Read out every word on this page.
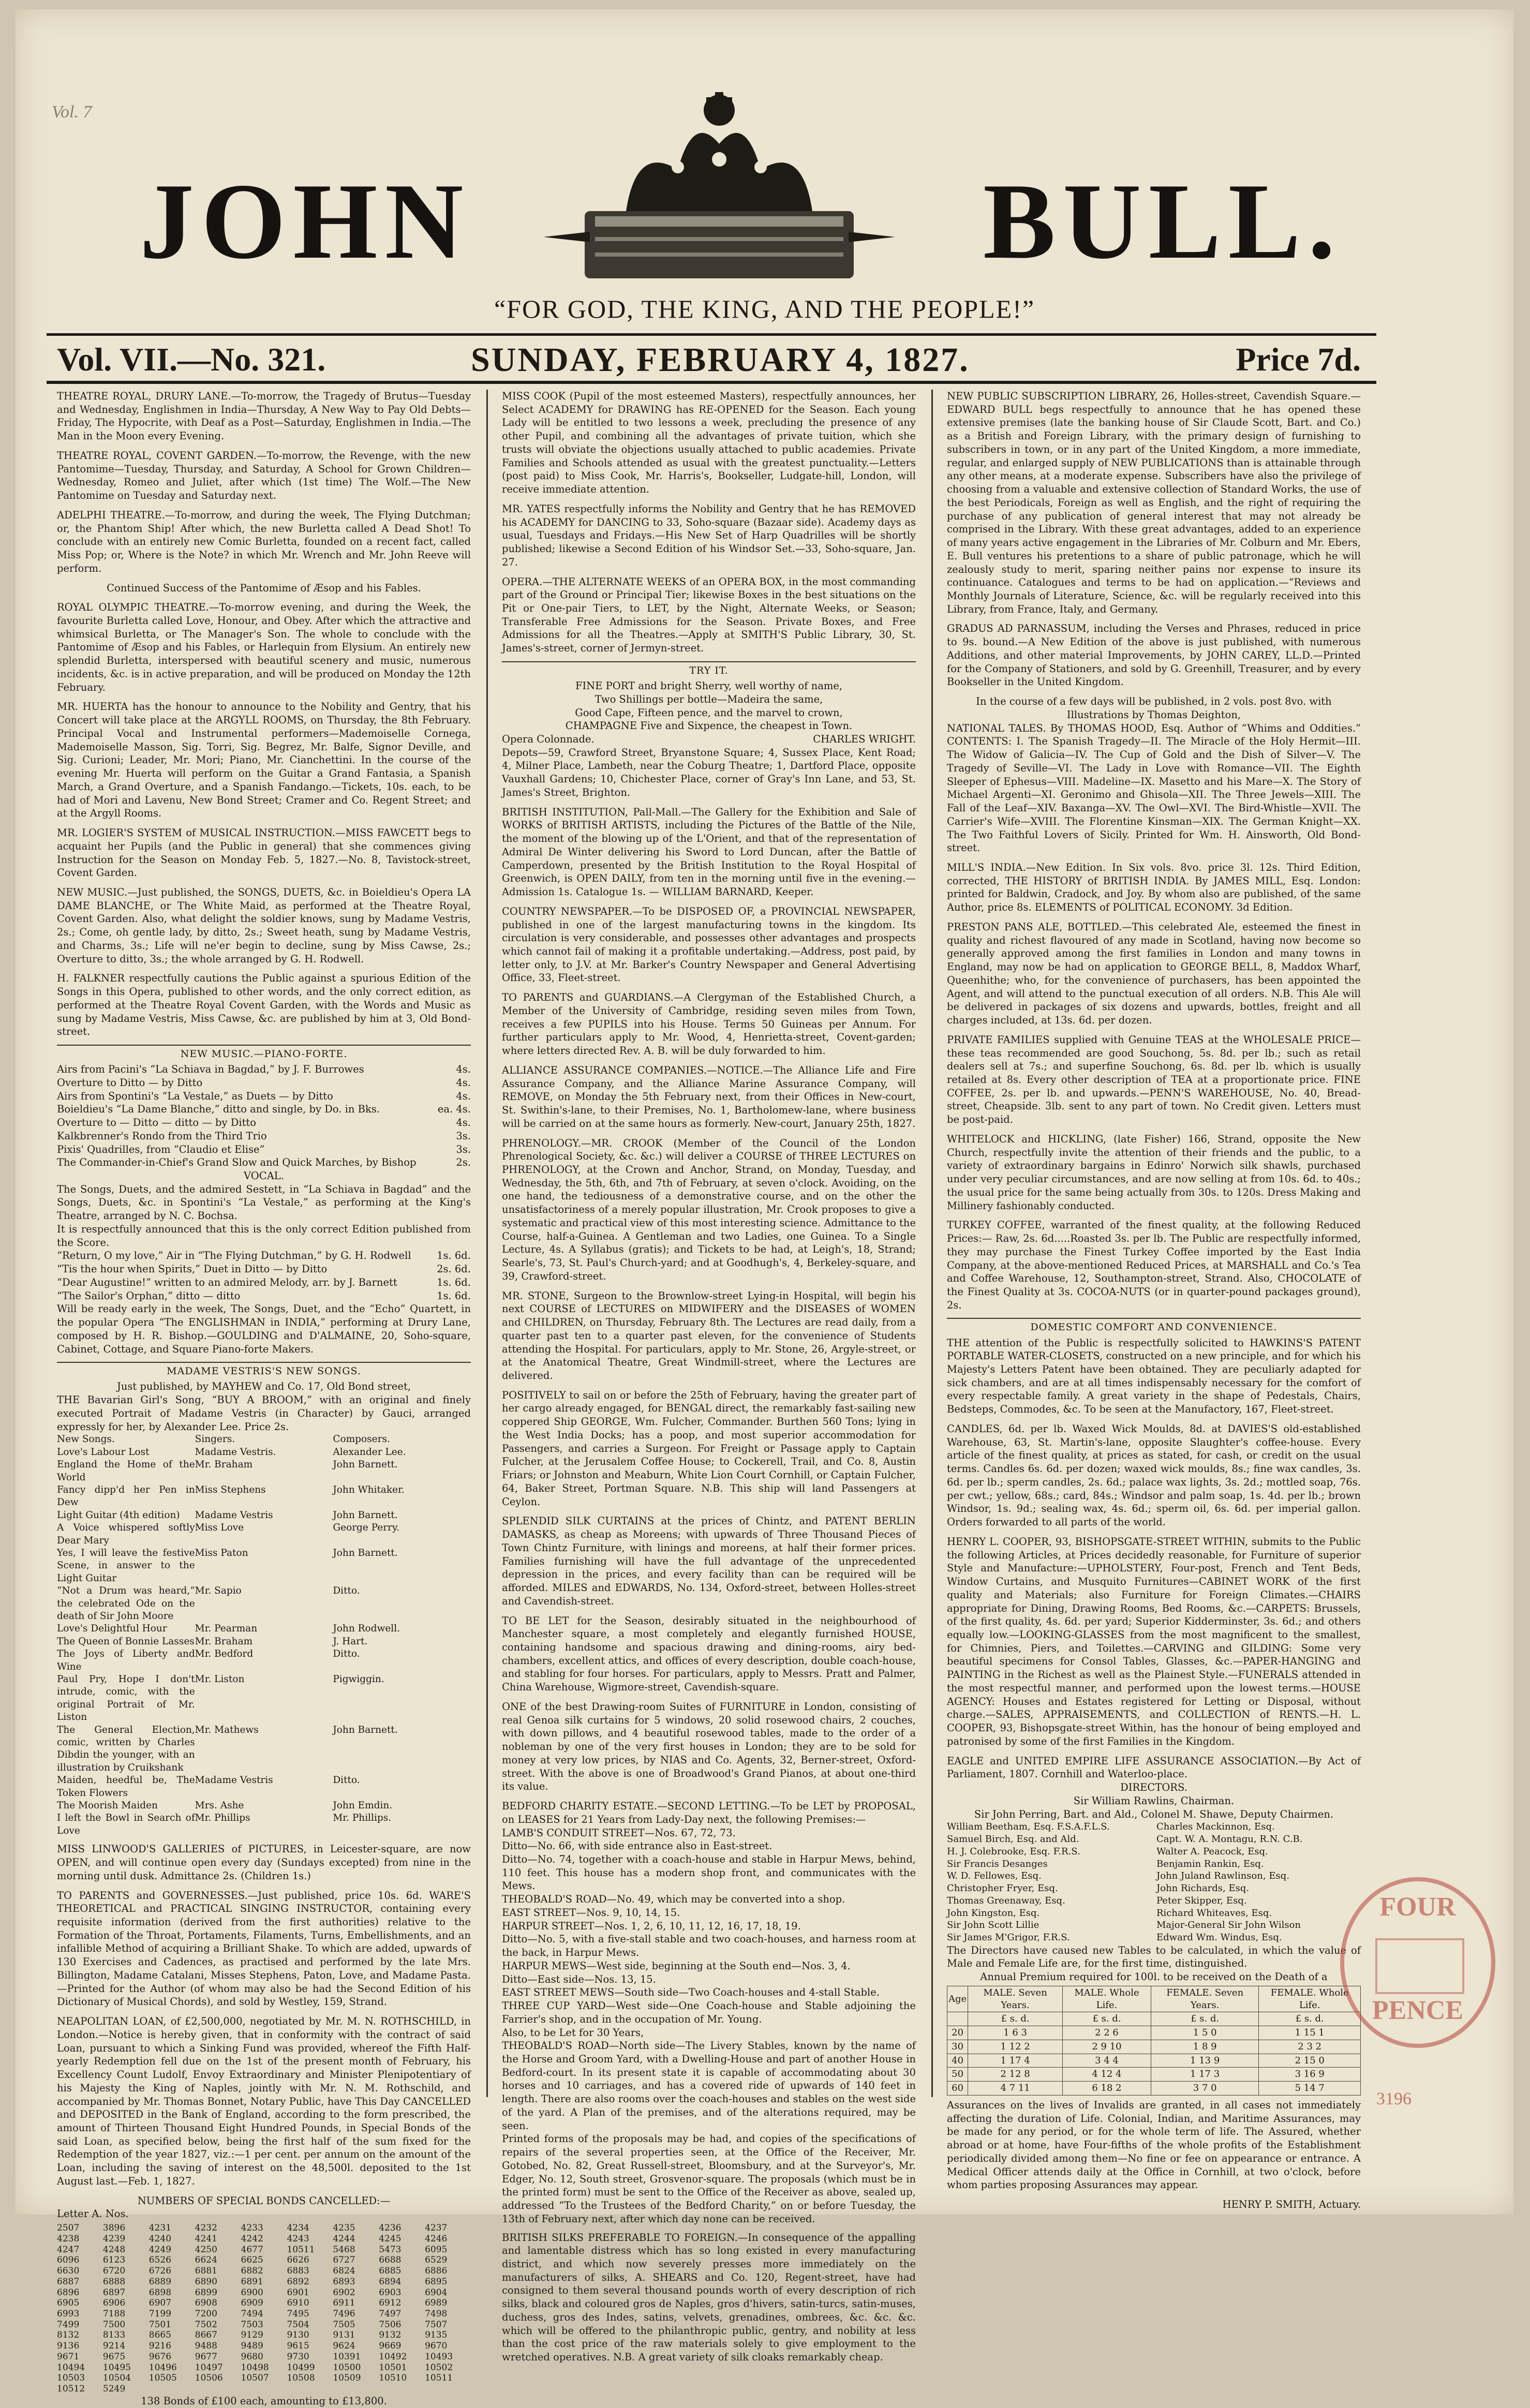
Vol. 7
JOHN	BULL.
“FOR GOD, THE KING, AND THE PEOPLE!”
Vol. VII.—No. 321.	SUNDAY, FEBRUARY 4, 1827.	Price 7d.
THEATRE ROYAL, DRURY LANE.—To-morrow, the Tragedy of Brutus—Tuesday and Wednesday, Englishmen in India—Thursday, A New Way to Pay Old Debts—Friday, The Hypocrite, with Deaf as a Post—Saturday, Englishmen in India.—The Man in the Moon every Evening.
THEATRE ROYAL, COVENT GARDEN.—To-morrow, the Revenge, with the new Pantomime—Tuesday, Thursday, and Saturday, A School for Grown Children—Wednesday, Romeo and Juliet, after which (1st time) The Wolf.—The New Pantomime on Tuesday and Saturday next.
ADELPHI THEATRE.—To-morrow, and during the week, The Flying Dutchman; or, the Phantom Ship! After which, the new Burletta called A Dead Shot! To conclude with an entirely new Comic Burletta, founded on a recent fact, called Miss Pop; or, Where is the Note? in which Mr. Wrench and Mr. John Reeve will perform.
Continued Success of the Pantomime of Æsop and his Fables.
ROYAL OLYMPIC THEATRE.—To-morrow evening, and during the Week, the favourite Burletta called Love, Honour, and Obey. After which the attractive and whimsical Burletta, or The Manager's Son. The whole to conclude with the Pantomime of Æsop and his Fables, or Harlequin from Elysium. An entirely new splendid Burletta, interspersed with beautiful scenery and music, numerous incidents, &c. is in active preparation, and will be produced on Monday the 12th February.
MR. HUERTA has the honour to announce to the Nobility and Gentry, that his Concert will take place at the ARGYLL ROOMS, on Thursday, the 8th February. Principal Vocal and Instrumental performers—Mademoiselle Cornega, Mademoiselle Masson, Sig. Torri, Sig. Begrez, Mr. Balfe, Signor Deville, and Sig. Curioni; Leader, Mr. Mori; Piano, Mr. Cianchettini. In the course of the evening Mr. Huerta will perform on the Guitar a Grand Fantasia, a Spanish March, a Grand Overture, and a Spanish Fandango.—Tickets, 10s. each, to be had of Mori and Lavenu, New Bond Street; Cramer and Co. Regent Street; and at the Argyll Rooms.
MR. LOGIER'S SYSTEM of MUSICAL INSTRUCTION.—MISS FAWCETT begs to acquaint her Pupils (and the Public in general) that she commences giving Instruction for the Season on Monday Feb. 5, 1827.—No. 8, Tavistock-street, Covent Garden.
NEW MUSIC.—Just published, the SONGS, DUETS, &c. in Boieldieu's Opera LA DAME BLANCHE, or The White Maid, as performed at the Theatre Royal, Covent Garden. Also, what delight the soldier knows, sung by Madame Vestris, 2s.; Come, oh gentle lady, by ditto, 2s.; Sweet heath, sung by Madame Vestris, and Charms, 3s.; Life will ne'er begin to decline, sung by Miss Cawse, 2s.; Overture to ditto, 3s.; the whole arranged by G. H. Rodwell.
H. FALKNER respectfully cautions the Public against a spurious Edition of the Songs in this Opera, published to other words, and the only correct edition, as performed at the Theatre Royal Covent Garden, with the Words and Music as sung by Madame Vestris, Miss Cawse, &c. are published by him at 3, Old Bond-street.
NEW MUSIC.—PIANO-FORTE.
Airs from Pacini's “La Schiava in Bagdad,” by J. F. Burrowes	4s.
Overture to Ditto — by Ditto	4s.
Airs from Spontini's “La Vestale,” as Duets — by Ditto	4s.
Boieldieu's “La Dame Blanche,” ditto and single, by Do. in Bks.	ea. 4s.
Overture to — Ditto — ditto — by Ditto	4s.
Kalkbrenner's Rondo from the Third Trio	3s.
Pixis' Quadrilles, from “Claudio et Elise”	3s.
The Commander-in-Chief's Grand Slow and Quick Marches, by Bishop	2s.
VOCAL.
The Songs, Duets, and the admired Sestett, in “La Schiava in Bagdad” and the Songs, Duets, &c. in Spontini's “La Vestale,” as performing at the King's Theatre, arranged by N. C. Bochsa.
It is respectfully announced that this is the only correct Edition published from the Score.
“Return, O my love,” Air in “The Flying Dutchman,” by G. H. Rodwell	1s. 6d.
“Tis the hour when Spirits,” Duet in Ditto — by Ditto	2s. 6d.
“Dear Augustine!” written to an admired Melody, arr. by J. Barnett	1s. 6d.
“The Sailor's Orphan,” ditto — ditto	1s. 6d.
Will be ready early in the week, The Songs, Duet, and the “Echo” Quartett, in the popular Opera “The ENGLISHMAN in INDIA,” performing at Drury Lane, composed by H. R. Bishop.—GOULDING and D'ALMAINE, 20, Soho-square, Cabinet, Cottage, and Square Piano-forte Makers.
MADAME VESTRIS'S NEW SONGS.
Just published, by MAYHEW and Co. 17, Old Bond street,
THE Bavarian Girl's Song, “BUY A BROOM,” with an original and finely executed Portrait of Madame Vestris (in Character) by Gauci, arranged expressly for her, by Alexander Lee. Price 2s.
New Songs.	Singers.	Composers.
Love's Labour Lost	Madame Vestris.	Alexander Lee.
England the Home of the World
Mr. Braham	John Barnett.
Fancy dipp'd her Pen in Dew
Miss Stephens	John Whitaker.
Light Guitar (4th edition)	Madame Vestris	John Barnett.
A Voice whispered softly Dear Mary
Miss Love	George Perry.
Yes, I will leave the festive Scene, in answer to the Light Guitar
Miss Paton	John Barnett.
“Not a Drum was heard,” the celebrated Ode on the death of Sir John Moore
Mr. Sapio	Ditto.
Love's Delightful Hour	Mr. Pearman	John Rodwell.
The Queen of Bonnie Lasses Mr. Braham	J. Hart.
The Joys of Liberty and Wine
Mr. Bedford	Ditto.
Paul Pry, Hope I don't intrude, comic, with the original Portrait of Mr. Liston
Mr. Liston	Pigwiggin.
The General Election, comic, written by Charles Dibdin the younger, with an illustration by Cruikshank
Mr. Mathews	John Barnett.
Maiden, heedful be, The Token Flowers
Madame Vestris	Ditto.
The Moorish Maiden	Mrs. Ashe	John Emdin.
I left the Bowl in Search of Love
Mr. Phillips	Mr. Phillips.
MISS LINWOOD'S GALLERIES of PICTURES, in Leicester-square, are now OPEN, and will continue open every day (Sundays excepted) from nine in the morning until dusk. Admittance 2s. (Children 1s.)
TO PARENTS and GOVERNESSES.—Just published, price 10s. 6d. WARE'S THEORETICAL and PRACTICAL SINGING INSTRUCTOR, containing every requisite information (derived from the first authorities) relative to the Formation of the Throat, Portaments, Filaments, Turns, Embellishments, and an infallible Method of acquiring a Brilliant Shake. To which are added, upwards of 130 Exercises and Cadences, as practised and performed by the late Mrs. Billington, Madame Catalani, Misses Stephens, Paton, Love, and Madame Pasta.—Printed for the Author (of whom may also be had the Second Edition of his Dictionary of Musical Chords), and sold by Westley, 159, Strand.
NEAPOLITAN LOAN, of £2,500,000, negotiated by Mr. M. N. ROTHSCHILD, in London.—Notice is hereby given, that in conformity with the contract of said Loan, pursuant to which a Sinking Fund was provided, whereof the Fifth Half-yearly Redemption fell due on the 1st of the present month of February, his Excellency Count Ludolf, Envoy Extraordinary and Minister Plenipotentiary of his Majesty the King of Naples, jointly with Mr. N. M. Rothschild, and accompanied by Mr. Thomas Bonnet, Notary Public, have This Day CANCELLED and DEPOSITED in the Bank of England, according to the form prescribed, the amount of Thirteen Thousand Eight Hundred Pounds, in Special Bonds of the said Loan, as specified below, being the first half of the sum fixed for the Redemption of the year 1827, viz.:—1 per cent. per annum on the amount of the Loan, including the saving of interest on the 48,500l. deposited to the 1st August last.—Feb. 1, 1827.
NUMBERS OF SPECIAL BONDS CANCELLED:—
Letter A. Nos.
2507	3896	4231	4232	4233	4234	4235	4236	4237
4238	4239	4240	4241	4242	4243	4244	4245	4246
4247	4248	4249	4250	4677	10511	5468	5473	6095
6096	6123	6526	6624	6625	6626	6727	6688	6529
6630	6720	6726	6881	6882	6883	6824	6885	6886
6887	6888	6889	6890	6891	6892	6893	6894	6895
6896	6897	6898	6899	6900	6901	6902	6903	6904
6905	6906	6907	6908	6909	6910	6911	6912	6989
6993	7188	7199	7200	7494	7495	7496	7497	7498
7499	7500	7501	7502	7503	7504	7505	7506	7507
8132	8133	8665	8667	9129	9130	9131	9132	9135
9136	9214	9216	9488	9489	9615	9624	9669	9670
9671	9675	9676	9677	9680	9730	10391	10492	10493
10494	10495	10496	10497	10498	10499	10500	10501	10502
10503	10504	10505	10506	10507	10508	10509	10510	10511
10512	5249
138 Bonds of £100 each, amounting to £13,800.
MISS COOK (Pupil of the most esteemed Masters), respectfully announces, her Select ACADEMY for DRAWING has RE-OPENED for the Season. Each young Lady will be entitled to two lessons a week, precluding the presence of any other Pupil, and combining all the advantages of private tuition, which she trusts will obviate the objections usually attached to public academies. Private Families and Schools attended as usual with the greatest punctuality.—Letters (post paid) to Miss Cook, Mr. Harris's, Bookseller, Ludgate-hill, London, will receive immediate attention.
MR. YATES respectfully informs the Nobility and Gentry that he has REMOVED his ACADEMY for DANCING to 33, Soho-square (Bazaar side). Academy days as usual, Tuesdays and Fridays.—His New Set of Harp Quadrilles will be shortly published; likewise a Second Edition of his Windsor Set.—33, Soho-square, Jan. 27.
OPERA.—THE ALTERNATE WEEKS of an OPERA BOX, in the most commanding part of the Ground or Principal Tier; likewise Boxes in the best situations on the Pit or One-pair Tiers, to LET, by the Night, Alternate Weeks, or Season; Transferable Free Admissions for the Season. Private Boxes, and Free Admissions for all the Theatres.—Apply at SMITH'S Public Library, 30, St. James's-street, corner of Jermyn-street.
TRY IT.
FINE PORT and bright Sherry, well worthy of name,
Two Shillings per bottle—Madeira the same,
Good Cape, Fifteen pence, and the marvel to crown,
CHAMPAGNE Five and Sixpence, the cheapest in Town.
Opera Colonnade.	CHARLES WRIGHT.
Depots—59, Crawford Street, Bryanstone Square; 4, Sussex Place, Kent Road; 4, Milner Place, Lambeth, near the Coburg Theatre; 1, Dartford Place, opposite Vauxhall Gardens; 10, Chichester Place, corner of Gray's Inn Lane, and 53, St. James's Street, Brighton.
BRITISH INSTITUTION, Pall-Mall.—The Gallery for the Exhibition and Sale of WORKS of BRITISH ARTISTS, including the Pictures of the Battle of the Nile, the moment of the blowing up of the L'Orient, and that of the representation of Admiral De Winter delivering his Sword to Lord Duncan, after the Battle of Camperdown, presented by the British Institution to the Royal Hospital of Greenwich, is OPEN DAILY, from ten in the morning until five in the evening.—Admission 1s. Catalogue 1s. — WILLIAM BARNARD, Keeper.
COUNTRY NEWSPAPER.—To be DISPOSED OF, a PROVINCIAL NEWSPAPER, published in one of the largest manufacturing towns in the kingdom. Its circulation is very considerable, and possesses other advantages and prospects which cannot fail of making it a profitable undertaking.—Address, post paid, by letter only, to J.V. at Mr. Barker's Country Newspaper and General Advertising Office, 33, Fleet-street.
TO PARENTS and GUARDIANS.—A Clergyman of the Established Church, a Member of the University of Cambridge, residing seven miles from Town, receives a few PUPILS into his House. Terms 50 Guineas per Annum. For further particulars apply to Mr. Wood, 4, Henrietta-street, Covent-garden; where letters directed Rev. A. B. will be duly forwarded to him.
ALLIANCE ASSURANCE COMPANIES.—NOTICE.—The Alliance Life and Fire Assurance Company, and the Alliance Marine Assurance Company, will REMOVE, on Monday the 5th February next, from their Offices in New-court, St. Swithin's-lane, to their Premises, No. 1, Bartholomew-lane, where business will be carried on at the same hours as formerly. New-court, January 25th, 1827.
PHRENOLOGY.—MR. CROOK (Member of the Council of the London Phrenological Society, &c. &c.) will deliver a COURSE of THREE LECTURES on PHRENOLOGY, at the Crown and Anchor, Strand, on Monday, Tuesday, and Wednesday, the 5th, 6th, and 7th of February, at seven o'clock. Avoiding, on the one hand, the tediousness of a demonstrative course, and on the other the unsatisfactoriness of a merely popular illustration, Mr. Crook proposes to give a systematic and practical view of this most interesting science. Admittance to the Course, half-a-Guinea. A Gentleman and two Ladies, one Guinea. To a Single Lecture, 4s. A Syllabus (gratis); and Tickets to be had, at Leigh's, 18, Strand; Searle's, 73, St. Paul's Church-yard; and at Goodhugh's, 4, Berkeley-square, and 39, Crawford-street.
MR. STONE, Surgeon to the Brownlow-street Lying-in Hospital, will begin his next COURSE of LECTURES on MIDWIFERY and the DISEASES of WOMEN and CHILDREN, on Thursday, February 8th. The Lectures are read daily, from a quarter past ten to a quarter past eleven, for the convenience of Students attending the Hospital. For particulars, apply to Mr. Stone, 26, Argyle-street, or at the Anatomical Theatre, Great Windmill-street, where the Lectures are delivered.
POSITIVELY to sail on or before the 25th of February, having the greater part of her cargo already engaged, for BENGAL direct, the remarkably fast-sailing new coppered Ship GEORGE, Wm. Fulcher, Commander. Burthen 560 Tons; lying in the West India Docks; has a poop, and most superior accommodation for Passengers, and carries a Surgeon. For Freight or Passage apply to Captain Fulcher, at the Jerusalem Coffee House; to Cockerell, Trail, and Co. 8, Austin Friars; or Johnston and Meaburn, White Lion Court Cornhill, or Captain Fulcher, 64, Baker Street, Portman Square. N.B. This ship will land Passengers at Ceylon.
SPLENDID SILK CURTAINS at the prices of Chintz, and PATENT BERLIN DAMASKS, as cheap as Moreens; with upwards of Three Thousand Pieces of Town Chintz Furniture, with linings and moreens, at half their former prices. Families furnishing will have the full advantage of the unprecedented depression in the prices, and every facility than can be required will be afforded. MILES and EDWARDS, No. 134, Oxford-street, between Holles-street and Cavendish-street.
TO BE LET for the Season, desirably situated in the neighbourhood of Manchester square, a most completely and elegantly furnished HOUSE, containing handsome and spacious drawing and dining-rooms, airy bed-chambers, excellent attics, and offices of every description, double coach-house, and stabling for four horses. For particulars, apply to Messrs. Pratt and Palmer, China Warehouse, Wigmore-street, Cavendish-square.
ONE of the best Drawing-room Suites of FURNITURE in London, consisting of real Genoa silk curtains for 5 windows, 20 solid rosewood chairs, 2 couches, with down pillows, and 4 beautiful rosewood tables, made to the order of a nobleman by one of the very first houses in London; they are to be sold for money at very low prices, by NIAS and Co. Agents, 32, Berner-street, Oxford-street. With the above is one of Broadwood's Grand Pianos, at about one-third its value.
BEDFORD CHARITY ESTATE.—SECOND LETTING.—To be LET by PROPOSAL, on LEASES for 21 Years from Lady-Day next, the following Premises:—
LAMB'S CONDUIT STREET—Nos. 67, 72, 73.
Ditto—No. 66, with side entrance also in East-street.
Ditto—No. 74, together with a coach-house and stable in Harpur Mews, behind, 110 feet. This house has a modern shop front, and communicates with the Mews.
THEOBALD'S ROAD—No. 49, which may be converted into a shop.
EAST STREET—Nos. 9, 10, 14, 15.
HARPUR STREET—Nos. 1, 2, 6, 10, 11, 12, 16, 17, 18, 19.
Ditto—No. 5, with a five-stall stable and two coach-houses, and harness room at the back, in Harpur Mews.
HARPUR MEWS—West side, beginning at the South end—Nos. 3, 4.
Ditto—East side—Nos. 13, 15.
EAST STREET MEWS—South side—Two Coach-houses and 4-stall Stable.
THREE CUP YARD—West side—One Coach-house and Stable adjoining the Farrier's shop, and in the occupation of Mr. Young.
Also, to be Let for 30 Years,
THEOBALD'S ROAD—North side—The Livery Stables, known by the name of the Horse and Groom Yard, with a Dwelling-House and part of another House in Bedford-court. In its present state it is capable of accommodating about 30 horses and 10 carriages, and has a covered ride of upwards of 140 feet in length. There are also rooms over the coach-houses and stables on the west side of the yard. A Plan of the premises, and of the alterations required, may be seen.
Printed forms of the proposals may be had, and copies of the specifications of repairs of the several properties seen, at the Office of the Receiver, Mr. Gotobed, No. 82, Great Russell-street, Bloomsbury, and at the Surveyor's, Mr. Edger, No. 12, South street, Grosvenor-square. The proposals (which must be in the printed form) must be sent to the Office of the Receiver as above, sealed up, addressed “To the Trustees of the Bedford Charity,” on or before Tuesday, the 13th of February next, after which day none can be received.
BRITISH SILKS PREFERABLE TO FOREIGN.—In consequence of the appalling and lamentable distress which has so long existed in every manufacturing district, and which now severely presses more immediately on the manufacturers of silks, A. SHEARS and Co. 120, Regent-street, have had consigned to them several thousand pounds worth of every description of rich silks, black and coloured gros de Naples, gros d'hivers, satin-turcs, satin-muses, duchess, gros des Indes, satins, velvets, grenadines, ombrees, &c. &c. &c. which will be offered to the philanthropic public, gentry, and nobility at less than the cost price of the raw materials solely to give employment to the wretched operatives. N.B. A great variety of silk cloaks remarkably cheap.
NEW PUBLIC SUBSCRIPTION LIBRARY, 26, Holles-street, Cavendish Square.—EDWARD BULL begs respectfully to announce that he has opened these extensive premises (late the banking house of Sir Claude Scott, Bart. and Co.) as a British and Foreign Library, with the primary design of furnishing to subscribers in town, or in any part of the United Kingdom, a more immediate, regular, and enlarged supply of NEW PUBLICATIONS than is attainable through any other means, at a moderate expense. Subscribers have also the privilege of choosing from a valuable and extensive collection of Standard Works, the use of the best Periodicals, Foreign as well as English, and the right of requiring the purchase of any publication of general interest that may not already be comprised in the Library. With these great advantages, added to an experience of many years active engagement in the Libraries of Mr. Colburn and Mr. Ebers, E. Bull ventures his pretentions to a share of public patronage, which he will zealously study to merit, sparing neither pains nor expense to insure its continuance. Catalogues and terms to be had on application.—“Reviews and Monthly Journals of Literature, Science, &c. will be regularly received into this Library, from France, Italy, and Germany.
GRADUS AD PARNASSUM, including the Verses and Phrases, reduced in price to 9s. bound.—A New Edition of the above is just published, with numerous Additions, and other material Improvements, by JOHN CAREY, LL.D.—Printed for the Company of Stationers, and sold by G. Greenhill, Treasurer, and by every Bookseller in the United Kingdom.
In the course of a few days will be published, in 2 vols. post 8vo. with Illustrations by Thomas Deighton,
NATIONAL TALES. By THOMAS HOOD, Esq. Author of “Whims and Oddities.” CONTENTS: I. The Spanish Tragedy—II. The Miracle of the Holy Hermit—III. The Widow of Galicia—IV. The Cup of Gold and the Dish of Silver—V. The Tragedy of Seville—VI. The Lady in Love with Romance—VII. The Eighth Sleeper of Ephesus—VIII. Madeline—IX. Masetto and his Mare—X. The Story of Michael Argenti—XI. Geronimo and Ghisola—XII. The Three Jewels—XIII. The Fall of the Leaf—XIV. Baxanga—XV. The Owl—XVI. The Bird-Whistle—XVII. The Carrier's Wife—XVIII. The Florentine Kinsman—XIX. The German Knight—XX. The Two Faithful Lovers of Sicily. Printed for Wm. H. Ainsworth, Old Bond-street.
MILL'S INDIA.—New Edition. In Six vols. 8vo. price 3l. 12s. Third Edition, corrected, THE HISTORY of BRITISH INDIA. By JAMES MILL, Esq. London: printed for Baldwin, Cradock, and Joy. By whom also are published, of the same Author, price 8s. ELEMENTS of POLITICAL ECONOMY. 3d Edition.
PRESTON PANS ALE, BOTTLED.—This celebrated Ale, esteemed the finest in quality and richest flavoured of any made in Scotland, having now become so generally approved among the first families in London and many towns in England, may now be had on application to GEORGE BELL, 8, Maddox Wharf, Queenhithe; who, for the convenience of purchasers, has been appointed the Agent, and will attend to the punctual execution of all orders. N.B. This Ale will be delivered in packages of six dozens and upwards, bottles, freight and all charges included, at 13s. 6d. per dozen.
PRIVATE FAMILIES supplied with Genuine TEAS at the WHOLESALE PRICE—these teas recommended are good Souchong, 5s. 8d. per lb.; such as retail dealers sell at 7s.; and superfine Souchong, 6s. 8d. per lb. which is usually retailed at 8s. Every other description of TEA at a proportionate price. FINE COFFEE, 2s. per lb. and upwards.—PENN'S WAREHOUSE, No. 40, Bread-street, Cheapside. 3lb. sent to any part of town. No Credit given. Letters must be post-paid.
WHITELOCK and HICKLING, (late Fisher) 166, Strand, opposite the New Church, respectfully invite the attention of their friends and the public, to a variety of extraordinary bargains in Edinro' Norwich silk shawls, purchased under very peculiar circumstances, and are now selling at from 10s. 6d. to 40s.; the usual price for the same being actually from 30s. to 120s. Dress Making and Millinery fashionably conducted.
TURKEY COFFEE, warranted of the finest quality, at the following Reduced Prices:— Raw, 2s. 6d.....Roasted 3s. per lb. The Public are respectfully informed, they may purchase the Finest Turkey Coffee imported by the East India Company, at the above-mentioned Reduced Prices, at MARSHALL and Co.'s Tea and Coffee Warehouse, 12, Southampton-street, Strand. Also, CHOCOLATE of the Finest Quality at 3s. COCOA-NUTS (or in quarter-pound packages ground), 2s.
DOMESTIC COMFORT AND CONVENIENCE.
THE attention of the Public is respectfully solicited to HAWKINS'S PATENT PORTABLE WATER-CLOSETS, constructed on a new principle, and for which his Majesty's Letters Patent have been obtained. They are peculiarly adapted for sick chambers, and are at all times indispensably necessary for the comfort of every respectable family. A great variety in the shape of Pedestals, Chairs, Bedsteps, Commodes, &c. To be seen at the Manufactory, 167, Fleet-street.
CANDLES, 6d. per lb. Waxed Wick Moulds, 8d. at DAVIES'S old-established Warehouse, 63, St. Martin's-lane, opposite Slaughter's coffee-house. Every article of the finest quality, at prices as stated, for cash, or credit on the usual terms. Candles 6s. 6d. per dozen; waxed wick moulds, 8s.; fine wax candles, 3s. 6d. per lb.; sperm candles, 2s. 6d.; palace wax lights, 3s. 2d.; mottled soap, 76s. per cwt.; yellow, 68s.; card, 84s.; Windsor and palm soap, 1s. 4d. per lb.; brown Windsor, 1s. 9d.; sealing wax, 4s. 6d.; sperm oil, 6s. 6d. per imperial gallon. Orders forwarded to all parts of the world.
HENRY L. COOPER, 93, BISHOPSGATE-STREET WITHIN, submits to the Public the following Articles, at Prices decidedly reasonable, for Furniture of superior Style and Manufacture:—UPHOLSTERY, Four-post, French and Tent Beds, Window Curtains, and Musquito Furnitures—CABINET WORK of the first quality and Materials; also Furniture for Foreign Climates.—CHAIRS appropriate for Dining, Drawing Rooms, Bed Rooms, &c.—CARPETS: Brussels, of the first quality, 4s. 6d. per yard; Superior Kidderminster, 3s. 6d.; and others equally low.—LOOKING-GLASSES from the most magnificent to the smallest, for Chimnies, Piers, and Toilettes.—CARVING and GILDING: Some very beautiful specimens for Consol Tables, Glasses, &c.—PAPER-HANGING and PAINTING in the Richest as well as the Plainest Style.—FUNERALS attended in the most respectful manner, and performed upon the lowest terms.—HOUSE AGENCY: Houses and Estates registered for Letting or Disposal, without charge.—SALES, APPRAISEMENTS, and COLLECTION of RENTS.—H. L. COOPER, 93, Bishopsgate-street Within, has the honour of being employed and patronised by some of the first Families in the Kingdom.
EAGLE and UNITED EMPIRE LIFE ASSURANCE ASSOCIATION.—By Act of Parliament, 1807. Cornhill and Waterloo-place.
DIRECTORS.
Sir William Rawlins, Chairman.
Sir John Perring, Bart. and Ald., Colonel M. Shawe, Deputy Chairmen.
William Beetham, Esq. F.S.A.F.L.S.	Charles Mackinnon, Esq.
Samuel Birch, Esq. and Ald.	Capt. W. A. Montagu, R.N. C.B.
H. J. Colebrooke, Esq. F.R.S.	Walter A. Peacock, Esq.
Sir Francis Desanges	Benjamin Rankin, Esq.
W. D. Fellowes, Esq.	John Juland Rawlinson, Esq.
Christopher Fryer, Esq.	John Richards, Esq.
Thomas Greenaway, Esq.	Peter Skipper, Esq.
John Kingston, Esq.	Richard Whiteaves, Esq.
Sir John Scott Lillie	Major-General Sir John Wilson
Sir James M'Grigor, F.R.S.	Edward Wm. Windus, Esq.
The Directors have caused new Tables to be calculated, in which the value of Male and Female Life are, for the first time, distinguished.
Annual Premium required for 100l. to be received on the Death of a
Age	MALE. Seven Years.	MALE. Whole Life.	FEMALE. Seven Years.	FEMALE. Whole Life.
	£ s. d.	£ s. d.	£ s. d.	£ s. d.
20	1 6 3	2 2 6	1 5 0	1 15 1
30	1 12 2	2 9 10	1 8 9	2 3 2
40	1 17 4	3 4 4	1 13 9	2 15 0
50	2 12 8	4 12 4	1 17 3	3 16 9
60	4 7 11	6 18 2	3 7 0	5 14 7
Assurances on the lives of Invalids are granted, in all cases not immediately affecting the duration of Life. Colonial, Indian, and Maritime Assurances, may be made for any period, or for the whole term of life. The Assured, whether abroad or at home, have Four-fifths of the whole profits of the Establishment periodically divided among them—No fine or fee on appearance or entrance. A Medical Officer attends daily at the Office in Cornhill, at two o'clock, before whom parties proposing Assurances may appear.
HENRY P. SMITH, Actuary.
FOUR
PENCE
3196
